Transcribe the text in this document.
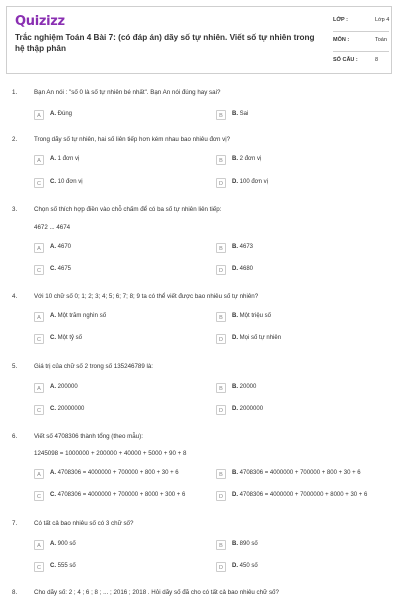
Quizizz
Trắc nghiệm Toán 4 Bài 7: (có đáp án) dãy số tự nhiên. Viết số tự nhiên trong hệ thập phân
LỚP :	Lớp 4
MÔN :	Toán
SỐ CÂU :	8
1.	Bạn An nói : "số 0 là số tự nhiên bé nhất". Bạn An nói đúng hay sai?
A	A. Đúng	B	B. Sai
2.	Trong dãy số tự nhiên, hai số liên tiếp hơn kém nhau bao nhiêu đơn vị?
A	A. 1 đơn vị	B	B. 2 đơn vị
C	C. 10 đơn vị	D	D. 100 đơn vị
3.	Chọn số thích hợp điền vào chỗ chấm để có ba số tự nhiên liên tiếp:
4672 ... 4674
A	A. 4670	B	B. 4673
C	C. 4675	D	D. 4680
4.	Với 10 chữ số 0; 1; 2; 3; 4; 5; 6; 7; 8; 9 ta có thể viết được bao nhiêu số tự nhiên?
A	A. Một trăm nghìn số	B	B. Một triệu số
C	C. Một tỷ số	D	D. Mọi số tự nhiên
5.	Giá trị của chữ số 2 trong số 135246789 là:
A	A. 200000	B	B. 20000
C	C. 20000000	D	D. 2000000
6.	Viết số 4708306 thành tổng (theo mẫu):
1245098 = 1000000 + 200000 + 40000 + 5000 + 90 + 8
A	A. 4708306 = 4000000 + 700000 + 800 + 30 + 6	B	B. 4708306 = 4000000 + 700000 + 800 + 30 + 6
C	C. 4708306 = 4000000 + 700000 + 8000 + 300 + 6	D	D. 4708306 = 4000000 + 7000000 + 8000 + 30 + 6
7.	Có tất cả bao nhiêu số có 3 chữ số?
A	A. 900 số	B	B. 890 số
C	C. 555 số	D	D. 450 số
8.	Cho dãy số: 2 ; 4 ; 6 ; 8 ; ... ; 2016 ; 2018 . Hỏi dãy số đã cho có tất cả bao nhiêu chữ số?
